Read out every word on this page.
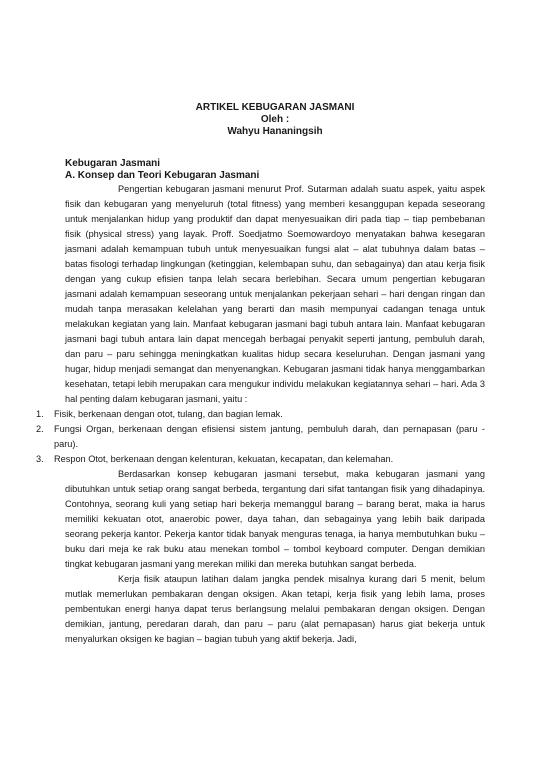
ARTIKEL KEBUGARAN JASMANI
Oleh :
Wahyu Hananingsih
Kebugaran Jasmani
A. Konsep dan Teori Kebugaran Jasmani

Pengertian kebugaran jasmani menurut Prof. Sutarman adalah suatu aspek, yaitu aspek fisik dan kebugaran yang menyeluruh (total fitness) yang memberi kesanggupan kepada seseorang untuk menjalankan hidup yang produktif dan dapat menyesuaikan diri pada tiap – tiap pembebanan fisik (physical stress) yang layak. Proff. Soedjatmo Soemowardoyo menyatakan bahwa kesegaran jasmani adalah kemampuan tubuh untuk menyesuaikan fungsi alat – alat tubuhnya dalam batas – batas fisologi terhadap lingkungan (ketinggian, kelembapan suhu, dan sebagainya) dan atau kerja fisik dengan yang cukup efisien tanpa lelah secara berlebihan. Secara umum pengertian kebugaran jasmani adalah kemampuan seseorang untuk menjalankan pekerjaan sehari – hari dengan ringan dan mudah tanpa merasakan kelelahan yang berarti dan masih mempunyai cadangan tenaga untuk melakukan kegiatan yang lain. Manfaat kebugaran jasmani bagi tubuh antara lain. Manfaat kebugaran jasmani bagi tubuh antara lain dapat mencegah berbagai penyakit seperti jantung, pembuluh darah, dan paru – paru sehingga meningkatkan kualitas hidup secara keseluruhan. Dengan jasmani yang hugar, hidup menjadi semangat dan menyenangkan. Kebugaran jasmani tidak hanya menggambarkan kesehatan, tetapi lebih merupakan cara mengukur individu melakukan kegiatannya sehari – hari. Ada 3 hal penting dalam kebugaran jasmani, yaitu :

1. Fisik, berkenaan dengan otot, tulang, dan bagian lemak.
2. Fungsi Organ, berkenaan dengan efisiensi sistem jantung, pembuluh darah, dan pernapasan (paru - paru).
3. Respon Otot, berkenaan dengan kelenturan, kekuatan, kecapatan, dan kelemahan.

Berdasarkan konsep kebugaran jasmani tersebut, maka kebugaran jasmani yang dibutuhkan untuk setiap orang sangat berbeda, tergantung dari sifat tantangan fisik yang dihadapinya. Contohnya, seorang kuli yang setiap hari bekerja memanggul barang – barang berat, maka ia harus memiliki kekuatan otot, anaerobic power, daya tahan, dan sebagainya yang lebih baik daripada seorang pekerja kantor. Pekerja kantor tidak banyak menguras tenaga, ia hanya membutuhkan buku – buku dari meja ke rak buku atau menekan tombol – tombol keyboard computer. Dengan demikian tingkat kebugaran jasmani yang merekan miliki dan mereka butuhkan sangat berbeda.

Kerja fisik ataupun latihan dalam jangka pendek misalnya kurang dari 5 menit, belum mutlak memerlukan pembakaran dengan oksigen. Akan tetapi, kerja fisik yang lebih lama, proses pembentukan energi hanya dapat terus berlangsung melalui pembakaran dengan oksigen. Dengan demikian, jantung, peredaran darah, dan paru – paru (alat pernapasan) harus giat bekerja untuk menyalurkan oksigen ke bagian – bagian tubuh yang aktif bekerja. Jadi,
